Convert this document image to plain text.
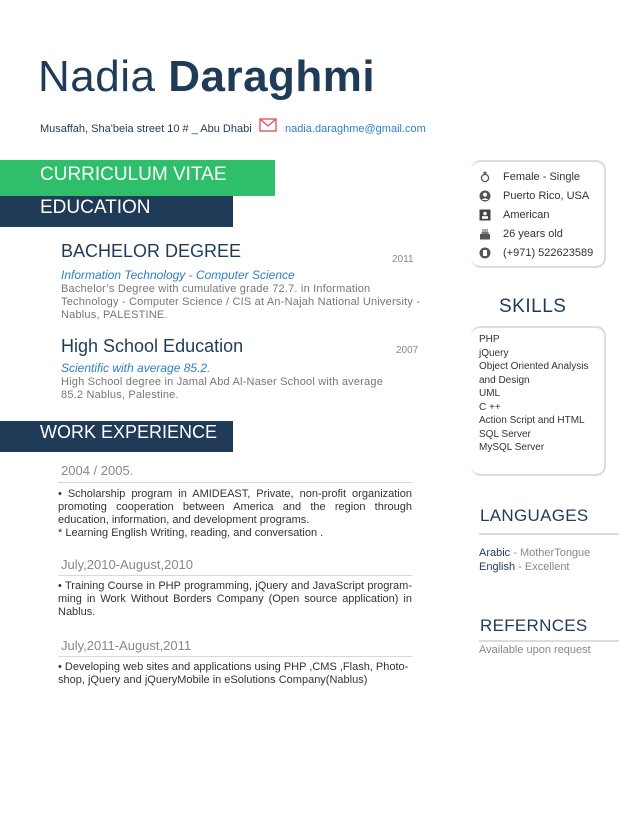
Nadia Daraghmi
Musaffah, Sha'beia street 10 # _ Abu Dhabi	nadia.daraghme@gmail.com
CURRICULUM VITAE
EDUCATION
BACHELOR DEGREE	2011
Information Technology - Computer Science
Bachelor’s Degree with cumulative grade 72.7. in Information Technology - Computer Science / CIS at An-Najah National University - Nablus, PALESTINE.
High School Education	2007
Scientific with average 85.2.
High School degree in Jamal Abd Al-Naser School with average 85.2 Nablus, Palestine.
WORK EXPERIENCE
2004 / 2005.
• Scholarship program in AMIDEAST, Private, non-profit organization promoting cooperation between America and the region through education, information, and development programs.
* Learning English Writing, reading, and conversation .
July,2010-August,2010
• Training Course in PHP programming, jQuery and JavaScript program-ming in Work Without Borders Company (Open source application) in Nablus.
July,2011-August,2011
• Developing web sites and applications using PHP ,CMS ,Flash, Photo-shop, jQuery and jQueryMobile in eSolutions Company(Nablus)
Female - Single
Puerto Rico, USA
American
26 years old
(+971) 522623589
SKILLS
PHP
jQuery
Object Oriented Analysis and Design
UML
C ++
Action Script and HTML
SQL Server
MySQL Server
LANGUAGES
Arabic - MotherTongue
English - Excellent
REFERNCES
Available upon request
